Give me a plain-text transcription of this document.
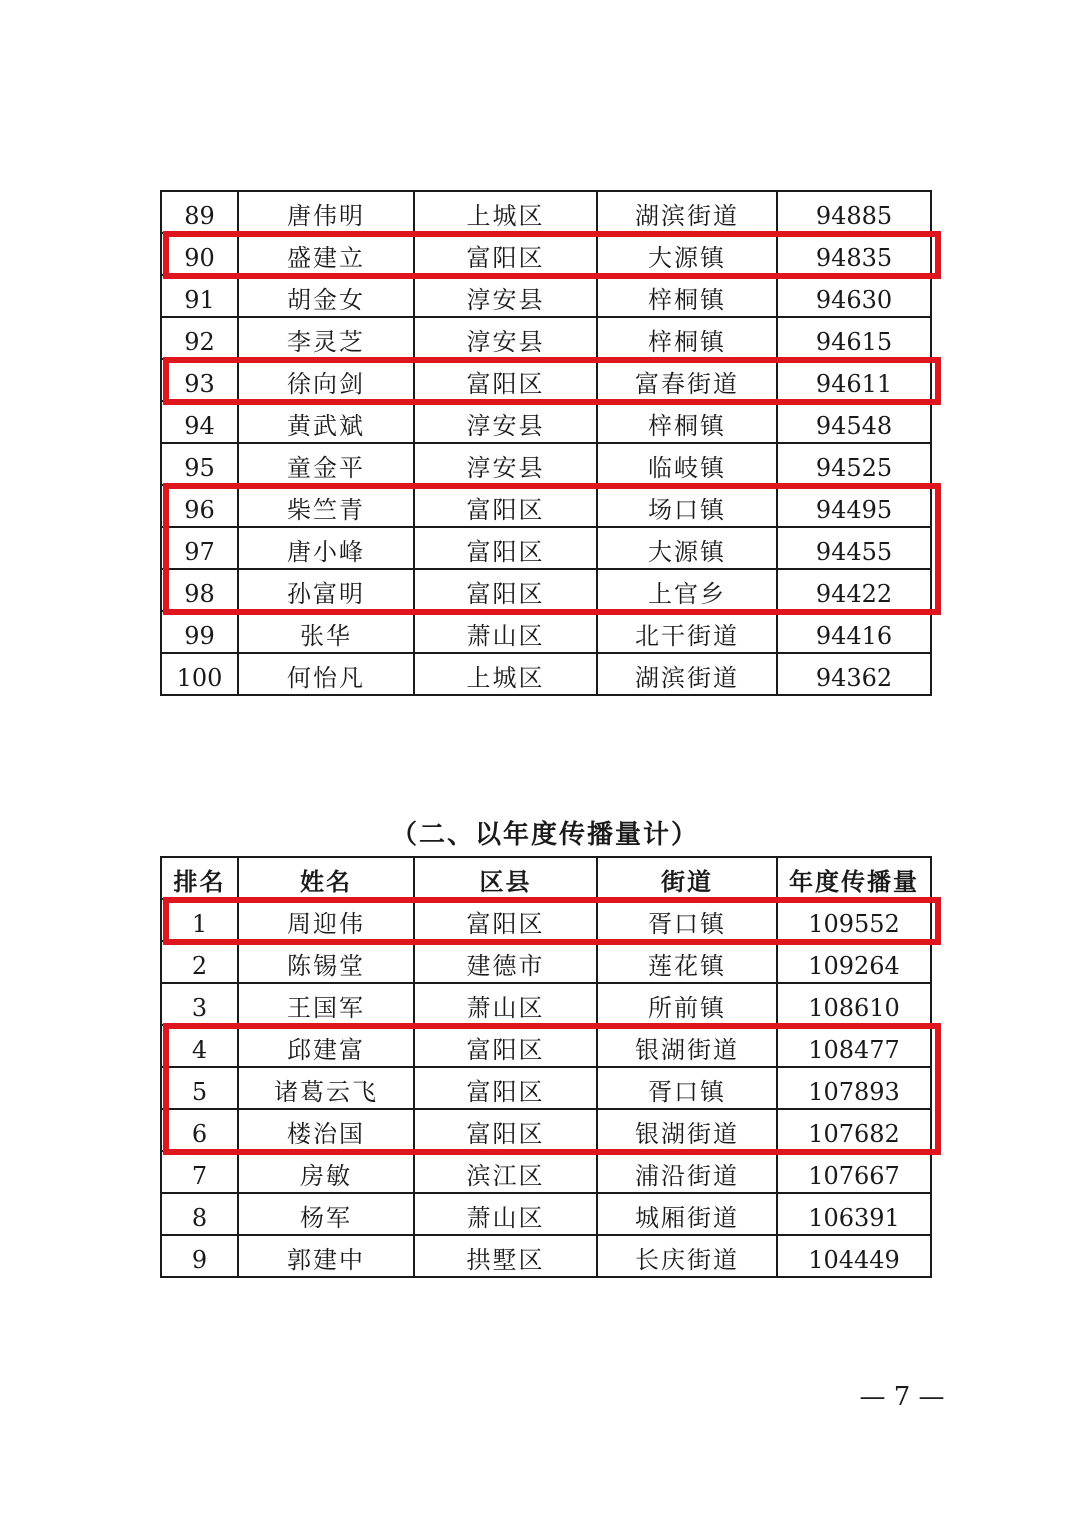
89	唐伟明	上城区	湖滨街道	94885
90	盛建立	富阳区	大源镇	94835
91	胡金女	淳安县	梓桐镇	94630
92	李灵芝	淳安县	梓桐镇	94615
93	徐向剑	富阳区	富春街道	94611
94	黄武斌	淳安县	梓桐镇	94548
95	童金平	淳安县	临岐镇	94525
96	柴竺青	富阳区	场口镇	94495
97	唐小峰	富阳区	大源镇	94455
98	孙富明	富阳区	上官乡	94422
99	张华	萧山区	北干街道	94416
100	何怡凡	上城区	湖滨街道	94362
（二、以年度传播量计）
排名	姓名	区县	街道	年度传播量
1	周迎伟	富阳区	胥口镇	109552
2	陈锡堂	建德市	莲花镇	109264
3	王国军	萧山区	所前镇	108610
4	邱建富	富阳区	银湖街道	108477
5	诸葛云飞	富阳区	胥口镇	107893
6	楼治国	富阳区	银湖街道	107682
7	房敏	滨江区	浦沿街道	107667
8	杨军	萧山区	城厢街道	106391
9	郭建中	拱墅区	长庆街道	104449
— 7 —
